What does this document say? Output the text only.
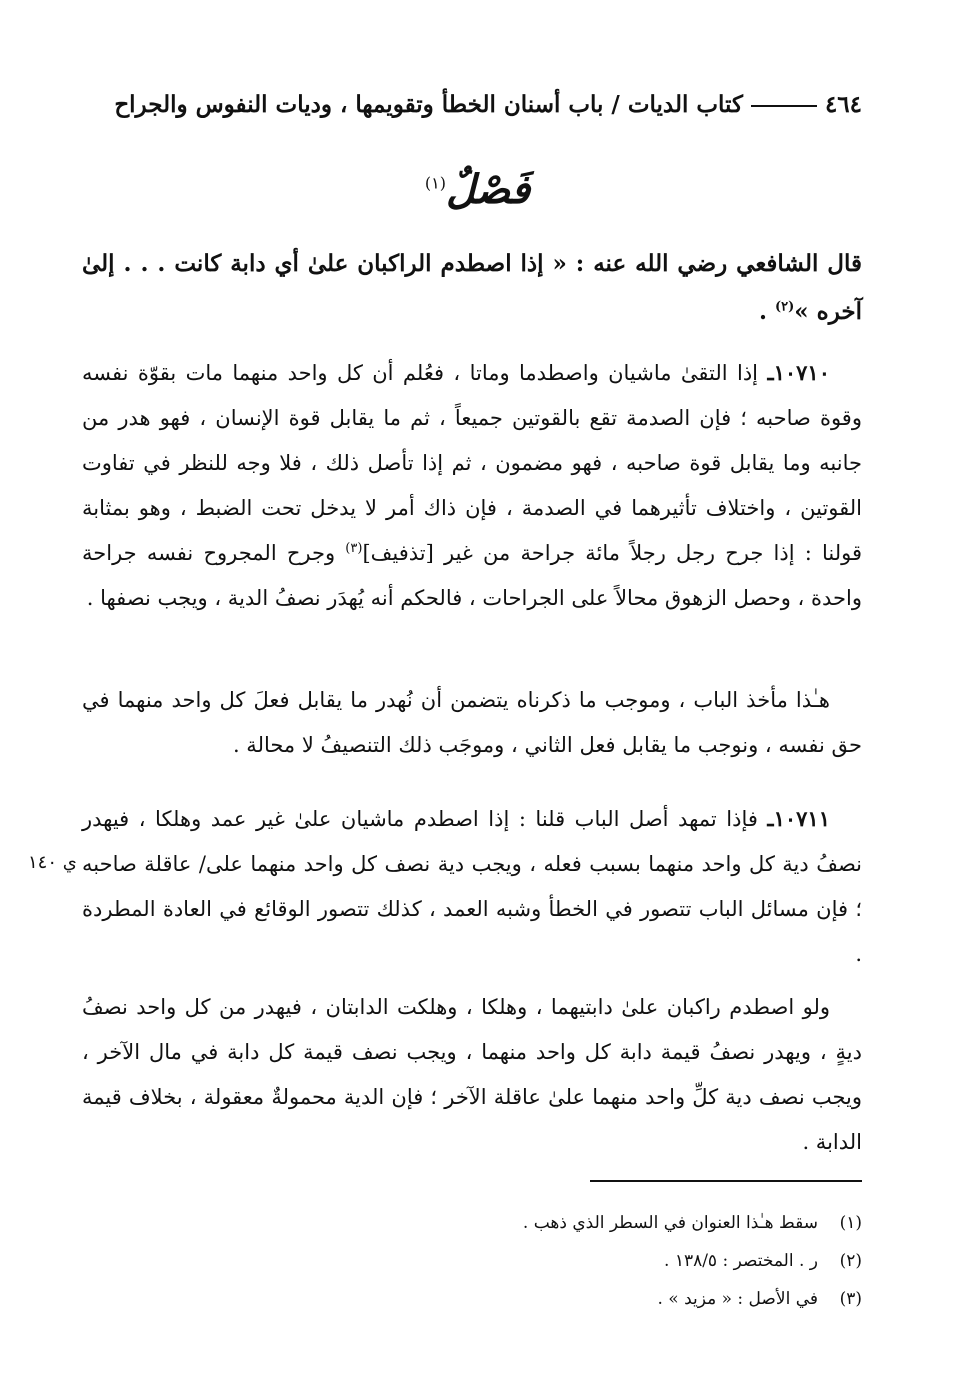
٤٦٤
كتاب الديات / باب أسنان الخطأ وتقويمها ، وديات النفوس والجراح
فَصْلٌ$^{(١)}$
قال الشافعي رضي الله عنه : « إذا اصطدم الراكبان علىٰ أي دابة كانت . . . إلىٰ آخره »$^{(٢)}$ .
١٠٧١٠ـ إذا التقىٰ ماشيان واصطدما وماتا ، فعُلم أن كل واحد منهما مات بقوّة نفسه وقوة صاحبه ؛ فإن الصدمة تقع بالقوتين جميعاً ، ثم ما يقابل قوة الإنسان ، فهو هدر من جانبه وما يقابل قوة صاحبه ، فهو مضمون ، ثم إذا تأصل ذلك ، فلا وجه للنظر في تفاوت القوتين ، واختلاف تأثيرهما في الصدمة ، فإن ذاك أمر لا يدخل تحت الضبط ، وهو بمثابة قولنا : إذا جرح رجل رجلاً مائة جراحة من غير [تذفيف]$^{(٣)}$ وجرح المجروح نفسه جراحة واحدة ، وحصل الزهوق محالاً على الجراحات ، فالحكم أنه يُهدَر نصفُ الدية ، ويجب نصفها .
هـٰذا مأخذ الباب ، وموجب ما ذكرناه يتضمن أن نُهدر ما يقابل فعلَ كل واحد منهما في حق نفسه ، ونوجب ما يقابل فعل الثاني ، وموجَب ذلك التنصيفُ لا محالة .
١٠٧١١ـ فإذا تمهد أصل الباب قلنا : إذا اصطدم ماشيان علىٰ غير عمد وهلكا ، فيهدر نصفُ دية كل واحد منهما بسبب فعله ، ويجب دية نصف كل واحد منهما على/ عاقلة صاحبه ؛ فإن مسائل الباب تتصور في الخطأ وشبه العمد ، كذلك تتصور الوقائع في العادة المطردة .
ي ١٤٠
ولو اصطدم راكبان علىٰ دابتيهما ، وهلكا ، وهلكت الدابتان ، فيهدر من كل واحد نصفُ ديةٍ ، ويهدر نصفُ قيمة دابة كل واحد منهما ، ويجب نصف قيمة كل دابة في مال الآخر ، ويجب نصف دية كلِّ واحد منهما علىٰ عاقلة الآخر ؛ فإن الدية محمولةٌ معقولة ، بخلاف قيمة الدابة .
(١)سقط هـٰذا العنوان في السطر الذي ذهب .
(٢)ر . المختصر : ١٣٨/٥ .
(٣)في الأصل : « مزيد » .
